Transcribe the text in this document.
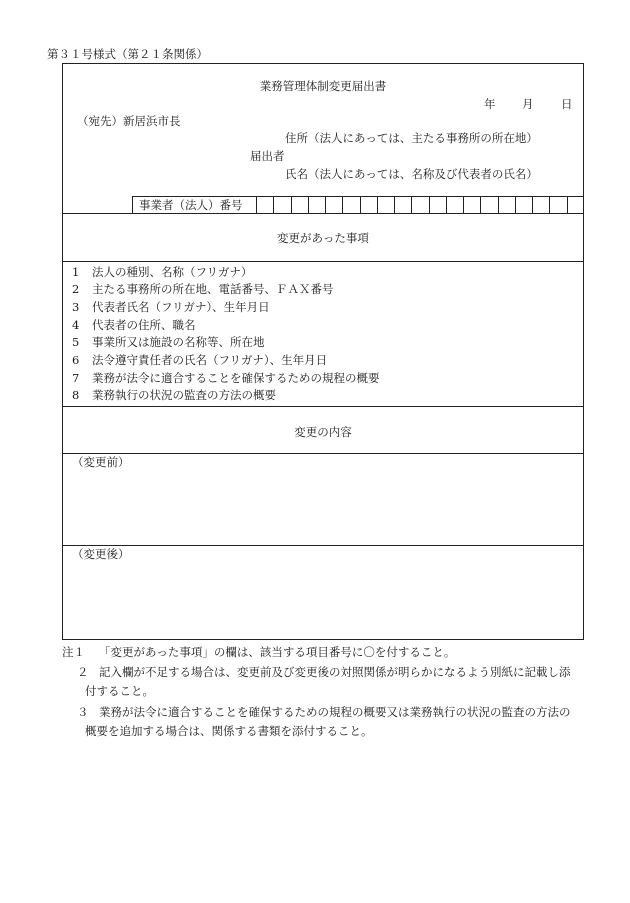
第３１号様式（第２１条関係）
業務管理体制変更届出書
年 月 日
（宛先）新居浜市長
住所（法人にあっては、主たる事務所の所在地）
届出者
氏名（法人にあっては、名称及び代表者の氏名）
事業者（法人）番号
変更があった事項
1 法人の種別、名称（フリガナ）
2 主たる事務所の所在地、電話番号、ＦＡＸ番号
3 代表者氏名（フリガナ）、生年月日
4 代表者の住所、職名
5 事業所又は施設の名称等、所在地
6 法令遵守責任者の氏名（フリガナ）、生年月日
7 業務が法令に適合することを確保するための規程の概要
8 業務執行の状況の監査の方法の概要
変更の内容
（変更前）
（変更後）
注１ 「変更があった事項」の欄は、該当する項目番号に〇を付すること。
２ 記入欄が不足する場合は、変更前及び変更後の対照関係が明らかになるよう別紙に記載し添
付すること。
３ 業務が法令に適合することを確保するための規程の概要又は業務執行の状況の監査の方法の
概要を追加する場合は、関係する書類を添付すること。
